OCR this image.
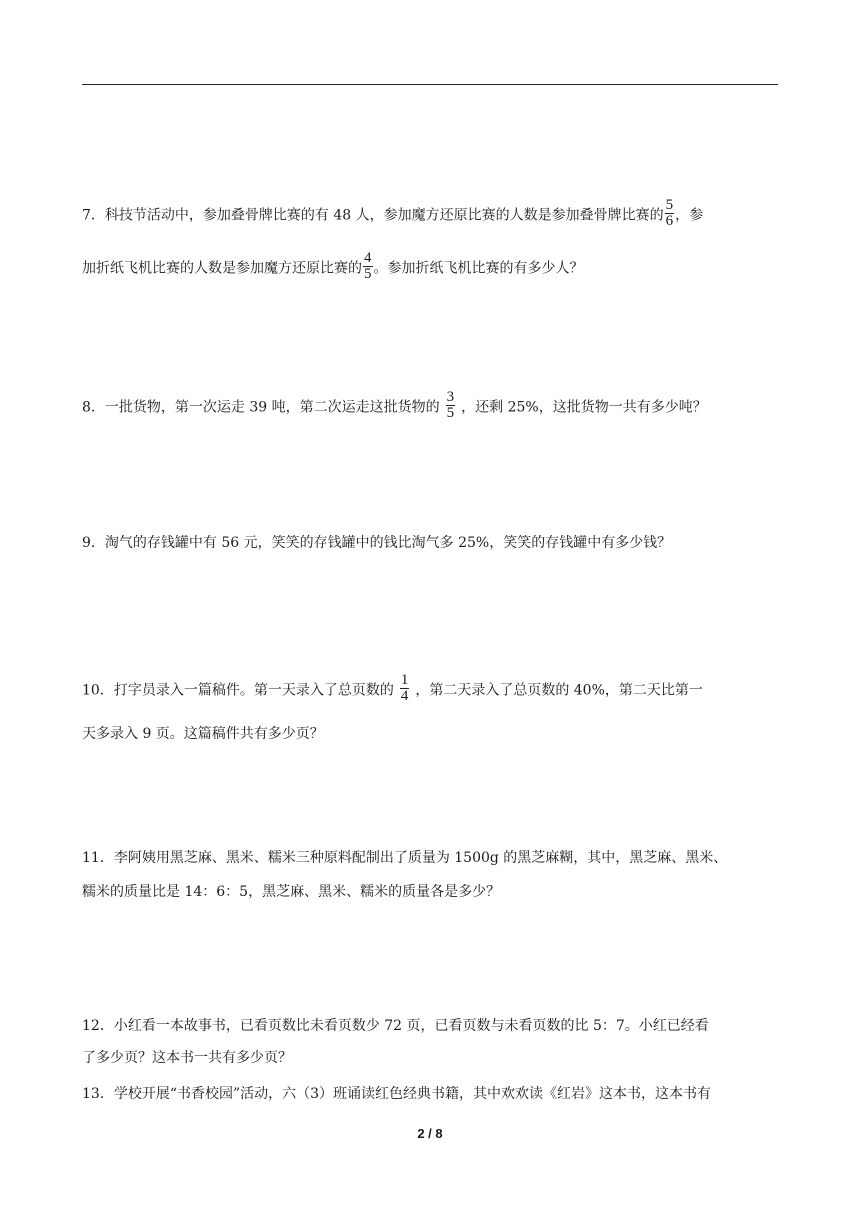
7．科技节活动中，参加叠骨牌比赛的有 48 人，参加魔方还原比赛的人数是参加叠骨牌比赛的 $\frac{5}{6}$ ，参
加折纸飞机比赛的人数是参加魔方还原比赛的 $\frac{4}{5}$ 。参加折纸飞机比赛的有多少人？
8．一批货物，第一次运走 39 吨，第二次运走这批货物的 $\frac{3}{5}$ ，还剩 25%，这批货物一共有多少吨？
9．淘气的存钱罐中有 56 元，笑笑的存钱罐中的钱比淘气多 25%，笑笑的存钱罐中有多少钱？
10．打字员录入一篇稿件。第一天录入了总页数的 $\frac{1}{4}$ ，第二天录入了总页数的 40%，第二天比第一
天多录入 9 页。这篇稿件共有多少页？
11．李阿姨用黑芝麻、黑米、糯米三种原料配制出了质量为 1500g 的黑芝麻糊，其中，黑芝麻、黑米、
糯米的质量比是 14：6：5，黑芝麻、黑米、糯米的质量各是多少？
12．小红看一本故事书，已看页数比未看页数少 72 页，已看页数与未看页数的比 5：7。小红已经看
了多少页？这本书一共有多少页？
13．学校开展“书香校园”活动，六（3）班诵读红色经典书籍，其中欢欢读《红岩》这本书，这本书有
2 / 8
